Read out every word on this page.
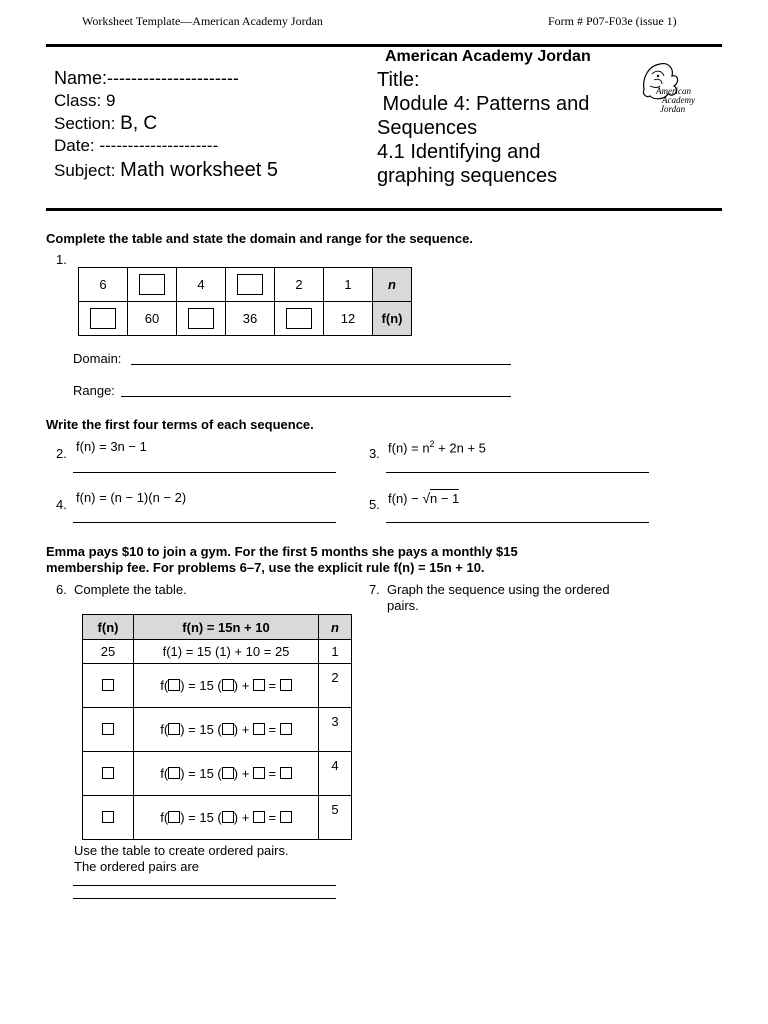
Worksheet Template—American Academy Jordan	Form # P07-F03e (issue 1)
Name:----------------------
Class: 9
Section: B, C
Date: ---------------------
Subject: Math worksheet 5
American Academy Jordan
Title:
Module 4: Patterns and
Sequences
4.1 Identifying and
graphing sequences
American
Academy
Jordan
Complete the table and state the domain and range for the sequence.
1.
6		4		2	1	n
	60		36		12	f(n)
Domain:
Range:
Write the first four terms of each sequence.
2. f(n) = 3n − 1	3. $f(n) = n^2 + 2n + 5$
4. f(n) = (n − 1)(n − 2)	5. f(n) − √n − 1
Emma pays $10 to join a gym. For the first 5 months she pays a monthly $15
membership fee. For problems 6–7, use the explicit rule f(n) = 15n + 10.
6. Complete the table.	7. Graph the sequence using the ordered
pairs.
f(n)	f(n) = 15n + 10	n
25	f(1) = 15 (1) + 10 = 25	1
	f( ) = 15 ( ) +  =	2
	f( ) = 15 ( ) +  =	3
	f( ) = 15 ( ) +  =	4
	f( ) = 15 ( ) +  =	5
Use the table to create ordered pairs.
The ordered pairs are
